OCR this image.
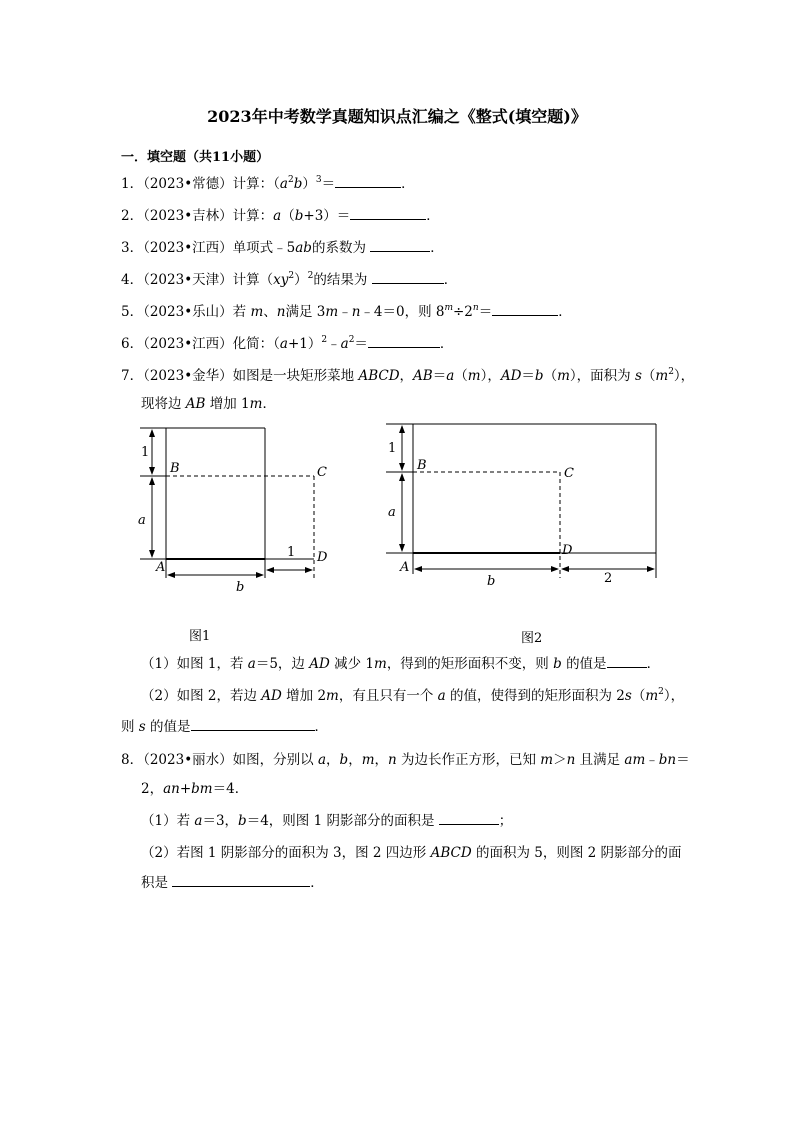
2023年中考数学真题知识点汇编之《整式(填空题)》
一．填空题（共11小题）
1．（2023•常德）计算：$(a^2b)^3=$	．
2．（2023•吉林）计算：a（b+3）＝	．
3．（2023•江西）单项式﹣5ab的系数为	．
4．（2023•天津）计算$(xy^2)^2$的结果为	．
5．（2023•乐山）若 m、n满足 3m﹣n﹣4＝0，则 $8^m\div 2^n=$	．
6．（2023•江西）化简：$(a+1)^2﹣a^2=$	．
7．（2023•金华）如图是一块矩形菜地 ABCD，AB＝a（m），AD＝b（m），面积为 $s(m^2)$，
现将边 AB 增加 1m．
1
a
b
1
B	C
A
D
1
a
b	2
B
C
A
D
图1	图2
（1）如图 1，若 a＝5，边 AD 减少 1m，得到的矩形面积不变，则 b 的值是	．
（2）如图 2，若边 AD 增加 2m，有且只有一个 a 的值，使得到的矩形面积为 $2s(m^2)$，
则 s 的值是	．
8．（2023•丽水）如图，分别以 a，b，m，n 为边长作正方形，已知 m＞n 且满足 am﹣bn＝
2，an+bm＝4．
（1）若 a＝3，b＝4，则图 1 阴影部分的面积是	；
（2）若图 1 阴影部分的面积为 3，图 2 四边形 ABCD 的面积为 5，则图 2 阴影部分的面
积是	．
